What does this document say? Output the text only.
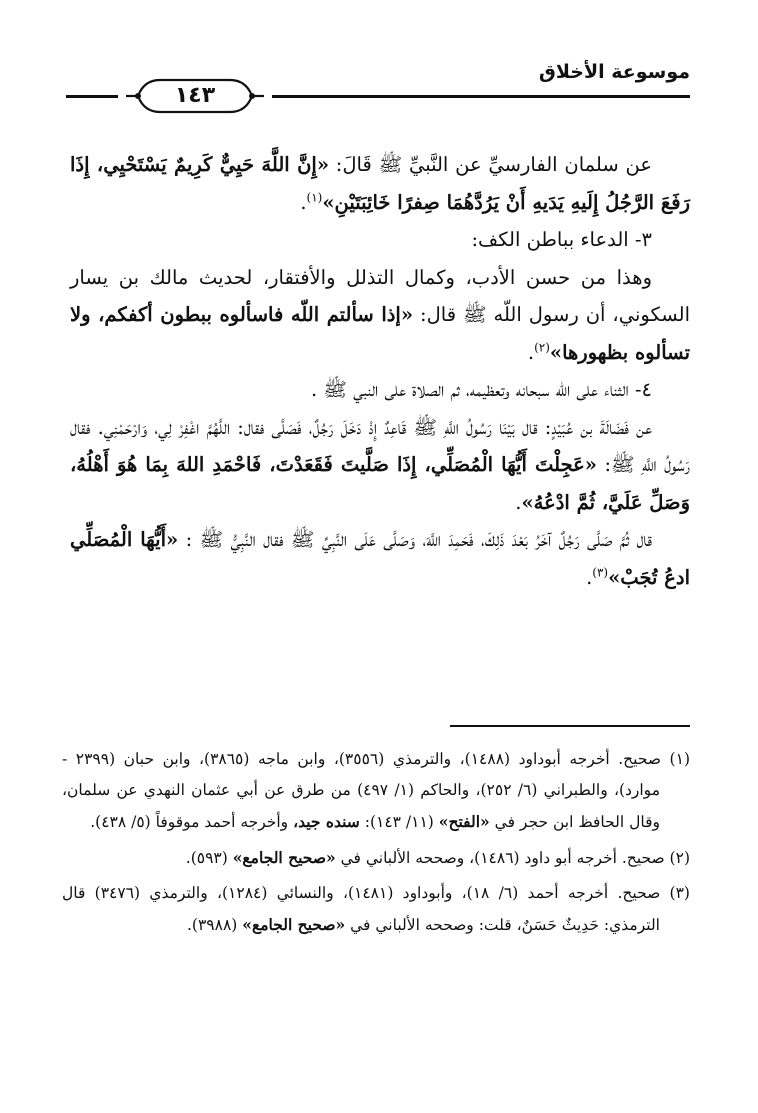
موسوعة الأخلاق
١٤٣

عن سلمان الفارسيِّ عن النَّبيِّ ﷺ قَالَ: «إِنَّ اللَّهَ حَيِيٌّ كَرِيمٌ يَسْتَحْيِي، إِذَا رَفَعَ الرَّجُلُ إِلَيهِ يَدَيهِ أَنْ يَرُدَّهُمَا صِفرًا خَائِبَتَيْنِ»$^{(١)}$.

٣- الدعاء بباطن الكف:

وهذا من حسن الأدب، وكمال التذلل والأفتقار، لحديث مالك بن يسار السكوني، أن رسول اللّه ﷺ قال: «إذا سألتم اللّه فاسألوه ببطون أكفكم، ولا تسألوه بظهورها»$^{(٢)}$.

٤- الثناء على اللّه سبحانه وتعظيمه، ثم الصلاة على النبي ﷺ .

عن فَضَالَةَ بن عُبَيْدٍ: قال بَيْنَا رَسُولُ اللَّهِ ﷺ قَاعِدٌ إِذْ دَخَلَ رَجُلٌ، فَصَلَّى فقال: اللَّهُمَّ اغْفِرْ لِي، وَارْحَمْنِي. فقال رَسُولُ اللَّهِ ﷺ: «عَجِلْتَ أَيُّهَا الْمُصَلِّي، إِذَا صَلَّيتَ فَقَعَدْتَ، فَاحْمَدِ اللهَ بِمَا هُوَ أَهْلُهُ، وَصَلِّ عَلَيَّ، ثُمَّ ادْعُهُ».

قال ثُمَّ صَلَّى رَجُلٌ آخَرُ بَعْدَ ذَلِكَ، فَحَمِدَ اللَّهَ، وَصَلَّى عَلَى النَّبِيِّ ﷺ فقال النَّبِيُّ ﷺ : «أَيُّهَا الْمُصَلِّي ادعُ تُجَبْ»$^{(٣)}$.

(١) صحيح. أخرجه أبوداود (١٤٨٨)، والترمذي (٣٥٥٦)، وابن ماجه (٣٨٦٥)، وابن حبان (٢٣٩٩ - موارد)، والطبراني (٦/ ٢٥٢)، والحاكم (١/ ٤٩٧) من طرق عن أبي عثمان النهدي عن سلمان، وقال الحافظ ابن حجر في «الفتح» (١١/ ١٤٣): سنده جيد، وأخرجه أحمد موقوفاً (٥/ ٤٣٨).

(٢) صحيح. أخرجه أبو داود (١٤٨٦)، وصححه الألباني في «صحيح الجامع» (٥٩٣).

(٣) صحيح. أخرجه أحمد (٦/ ١٨)، وأبوداود (١٤٨١)، والنسائي (١٢٨٤)، والترمذي (٣٤٧٦) قال الترمذي: حَدِيثٌ حَسَنٌ، قلت: وصححه الألباني في «صحيح الجامع» (٣٩٨٨).
